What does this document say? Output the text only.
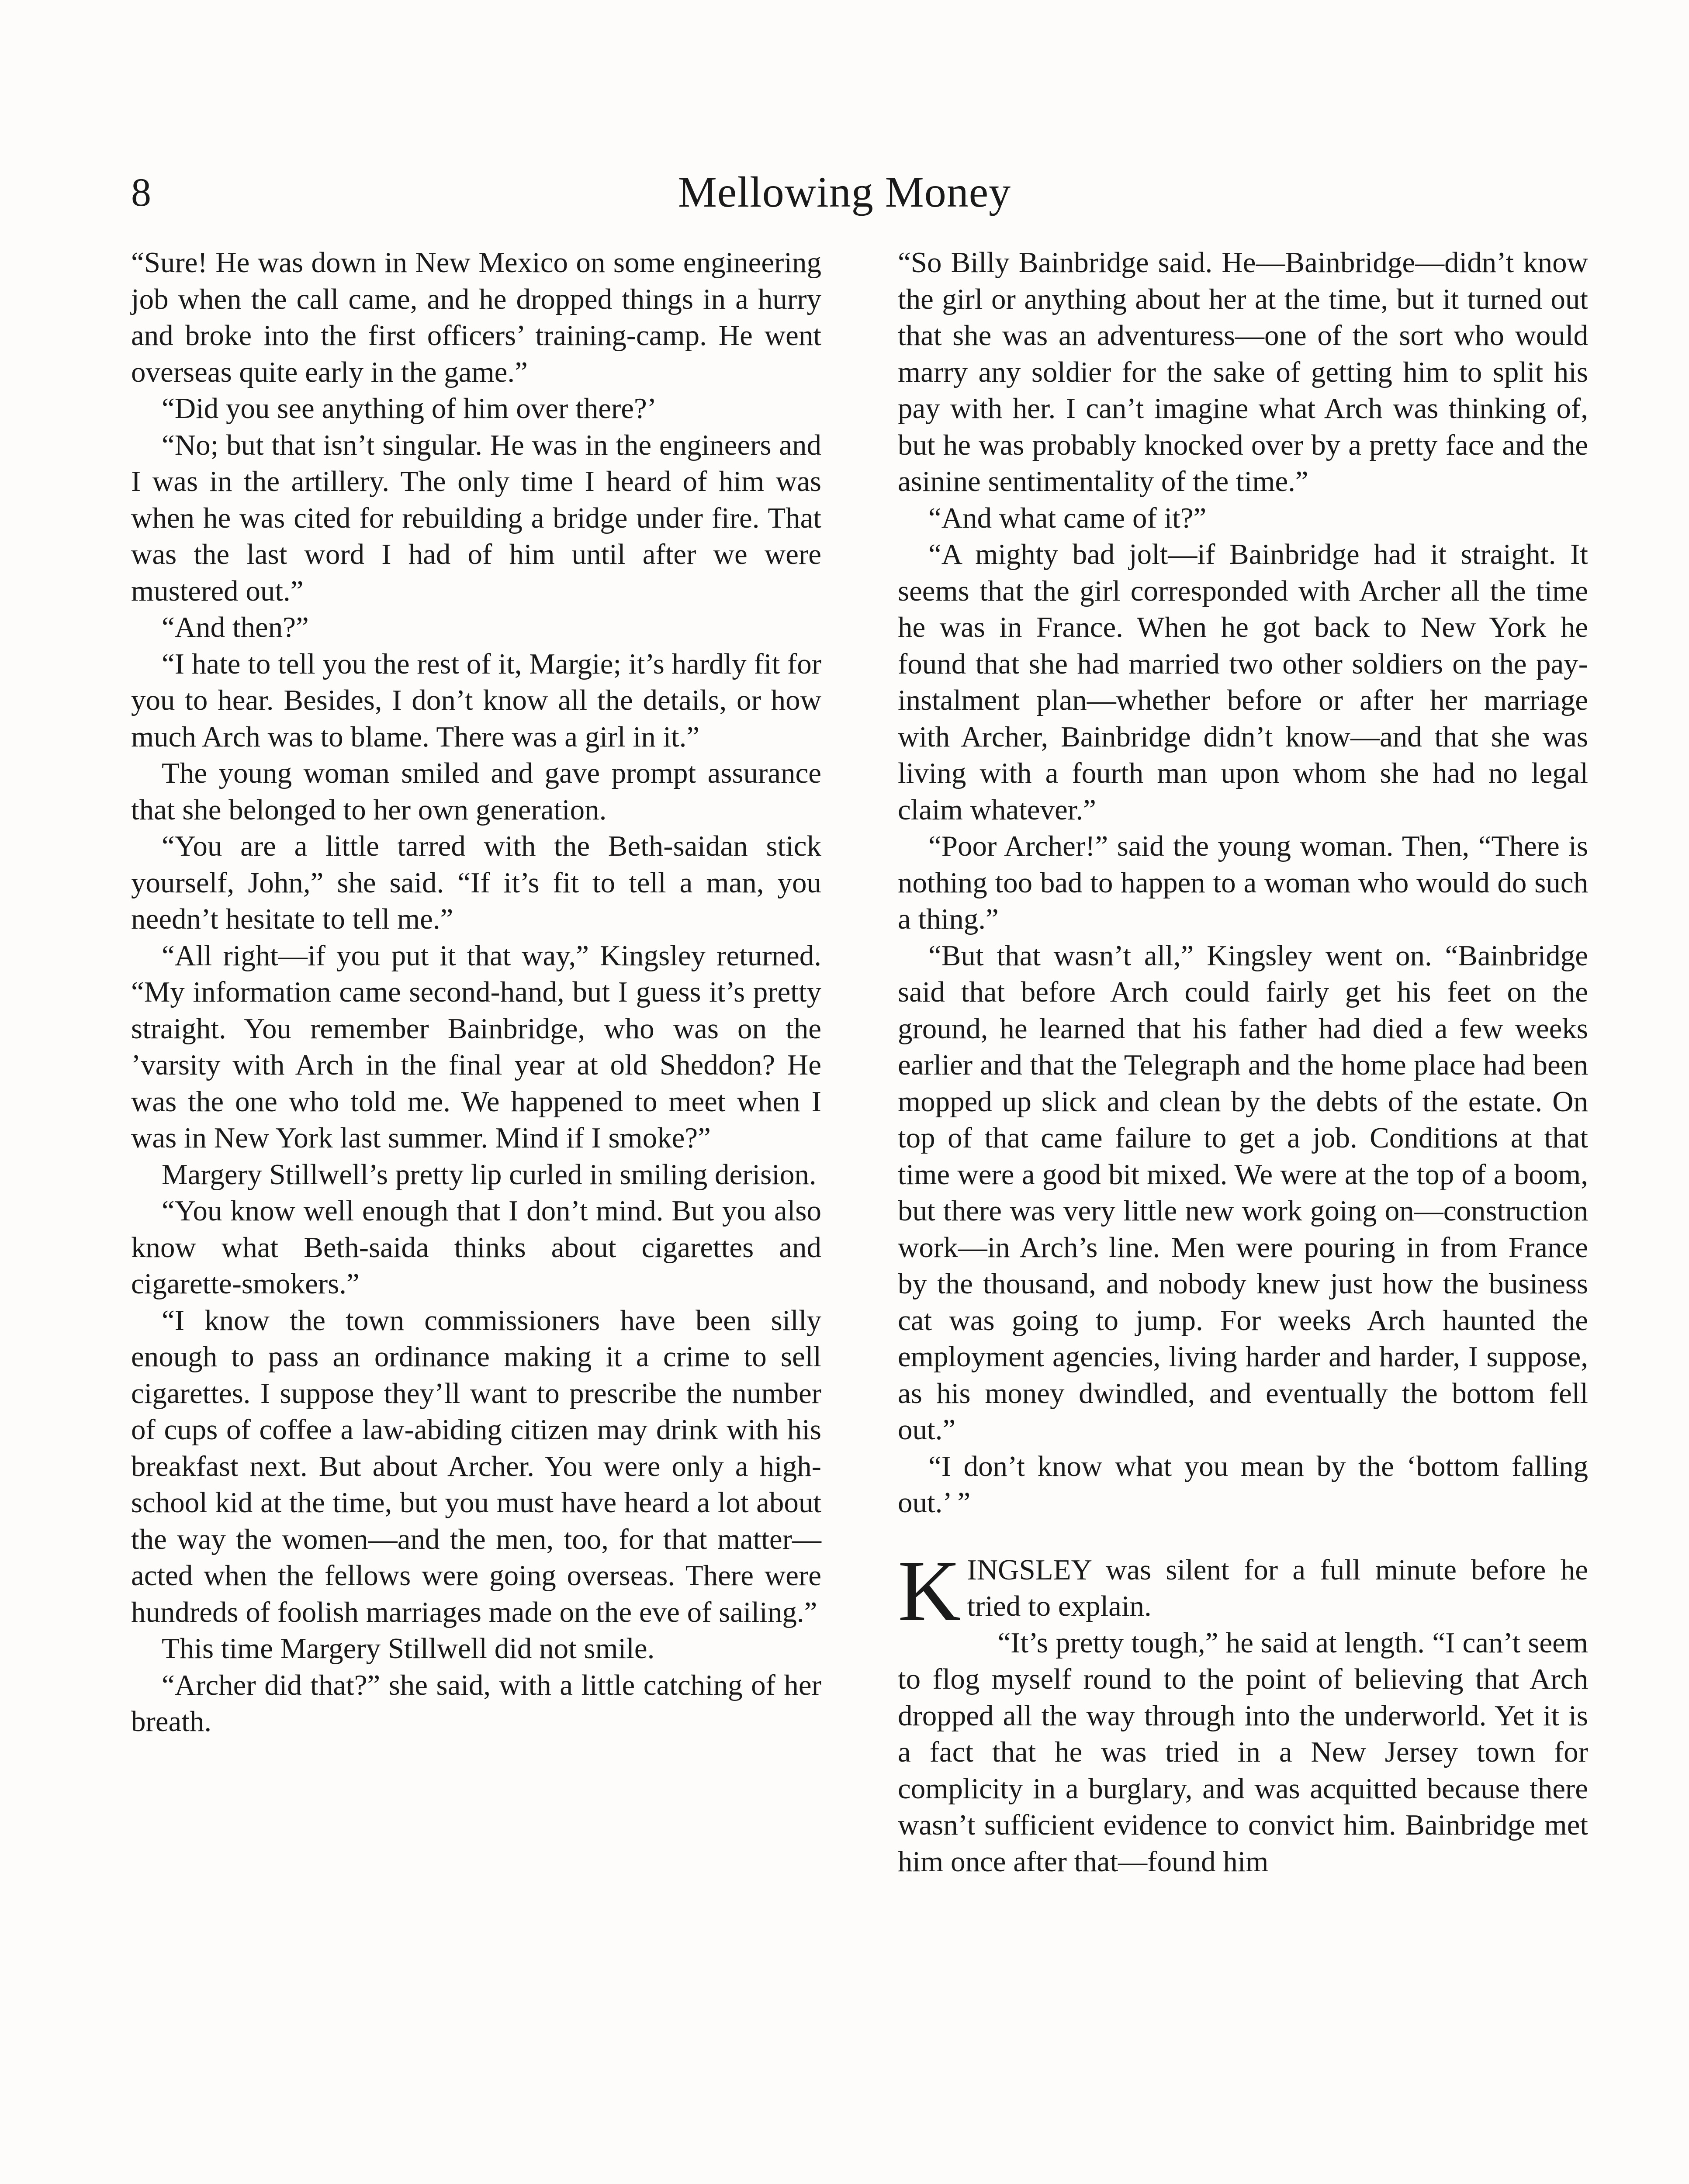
8	Mellowing Money

“Sure! He was down in New Mexico on some engineering job when the call came, and he dropped things in a hurry and broke into the first officers’ training-camp. He went overseas quite early in the game.”

“Did you see anything of him over there?’

“No; but that isn’t singular. He was in the engineers and I was in the artillery. The only time I heard of him was when he was cited for rebuilding a bridge under fire. That was the last word I had of him until after we were mustered out.”

“And then?”

“I hate to tell you the rest of it, Margie; it’s hardly fit for you to hear. Besides, I don’t know all the details, or how much Arch was to blame. There was a girl in it.”

The young woman smiled and gave prompt assurance that she belonged to her own generation.

“You are a little tarred with the Beth-saidan stick yourself, John,” she said. “If it’s fit to tell a man, you needn’t hesitate to tell me.”

“All right—if you put it that way,” Kingsley returned. “My information came second-hand, but I guess it’s pretty straight. You remember Bainbridge, who was on the ’varsity with Arch in the final year at old Sheddon? He was the one who told me. We happened to meet when I was in New York last summer. Mind if I smoke?”

Margery Stillwell’s pretty lip curled in smiling derision.

“You know well enough that I don’t mind. But you also know what Beth-saida thinks about cigarettes and cigarette-smokers.”

“I know the town commissioners have been silly enough to pass an ordinance making it a crime to sell cigarettes. I suppose they’ll want to prescribe the number of cups of coffee a law-abiding citizen may drink with his breakfast next. But about Archer. You were only a high-school kid at the time, but you must have heard a lot about the way the women—and the men, too, for that matter—acted when the fellows were going overseas. There were hundreds of foolish marriages made on the eve of sailing.”

This time Margery Stillwell did not smile.

“Archer did that?” she said, with a little catching of her breath.

“So Billy Bainbridge said. He—Bainbridge—didn’t know the girl or anything about her at the time, but it turned out that she was an adventuress—one of the sort who would marry any soldier for the sake of getting him to split his pay with her. I can’t imagine what Arch was thinking of, but he was probably knocked over by a pretty face and the asinine sentimentality of the time.”

“And what came of it?”

“A mighty bad jolt—if Bainbridge had it straight. It seems that the girl corresponded with Archer all the time he was in France. When he got back to New York he found that she had married two other soldiers on the pay-instalment plan—whether before or after her marriage with Archer, Bainbridge didn’t know—and that she was living with a fourth man upon whom she had no legal claim whatever.”

“Poor Archer!” said the young woman. Then, “There is nothing too bad to happen to a woman who would do such a thing.”

“But that wasn’t all,” Kingsley went on. “Bainbridge said that before Arch could fairly get his feet on the ground, he learned that his father had died a few weeks earlier and that the Telegraph and the home place had been mopped up slick and clean by the debts of the estate. On top of that came failure to get a job. Conditions at that time were a good bit mixed. We were at the top of a boom, but there was very little new work going on—construction work—in Arch’s line. Men were pouring in from France by the thousand, and nobody knew just how the business cat was going to jump. For weeks Arch haunted the employment agencies, living harder and harder, I suppose, as his money dwindled, and eventually the bottom fell out.”

“I don’t know what you mean by the ‘bottom falling out.’ ”

KINGSLEY was silent for a full minute before he tried to explain.

“It’s pretty tough,” he said at length. “I can’t seem to flog myself round to the point of believing that Arch dropped all the way through into the underworld. Yet it is a fact that he was tried in a New Jersey town for complicity in a burglary, and was acquitted because there wasn’t sufficient evidence to convict him. Bainbridge met him once after that—found him
